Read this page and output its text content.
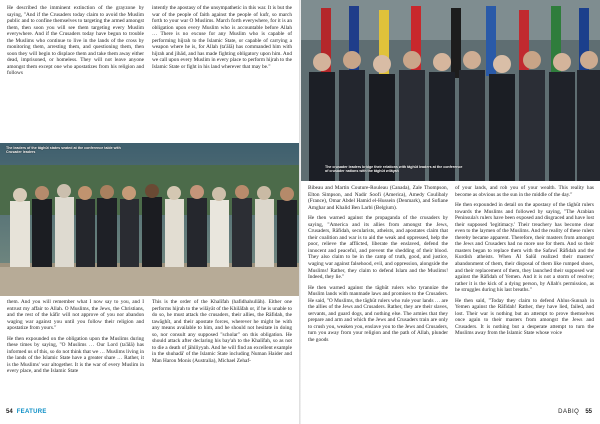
He described the imminent extinction of the grayzone by saying, "And if the Crusaders today claim to avoid the Muslim public and to confine themselves to targeting the armed amongst them, then soon you will see them targeting every Muslim everywhere. And if the Crusaders today have begun to trouble the Muslims who continue to live in the lands of the cross by monitoring them, arresting them, and questioning them, then soon they will begin to displace them and take them away either dead, imprisoned, or homeless. They will not leave anyone amongst them except one who apostatizes from his religion and follows

intently the apostasy of the unsympathetic in this war. It is but the war of the people of faith against the people of kufr, so march forth to your war O Muslims. March forth everywhere, for it is an obligation upon every Muslim who is accountable before Allah … There is no excuse for any Muslim who is capable of performing hijrah to the Islamic State, or capable of carrying a weapon where he is, for Allah (ta'ālā) has commanded him with hijrah and jihād, and has made fighting obligatory upon him. And we call upon every Muslim in every place to perform hijrah to the Islamic State or fight in his land wherever that may be."

The leaders of the tāghūt states seated at the conference table with Crusader leaders

them. And you will remember what I now say to you, and I entrust my affair to Allah. O Muslims, the Jews, the Christians, and the rest of the kāfir will not approve of you nor abandon waging war against you until you follow their religion and apostatize from yours."

He then expounded on the obligation upon the Muslims during these times by saying, "O Muslims … Our Lord (ta'ālā) has informed us of this, so do not think that we … Muslims living in the lands of the Islamic State have a greater share … Rather, it is the Muslims' war altogether. It is the war of every Muslim in every place, and the Islamic State

This is the order of the Khalīfah (hafidhahullāh). Either one performs hijrah to the wilāyāt of the Khilāfah or, if he is unable to do so, he must attack the crusaders, their allies, the Rāfidah, the tawāghīt, and their apostate forces, wherever he might be with any means available to him, and he should not hesitate in doing so, nor consult any supposed "scholar" on this obligation. He should attack after declaring his bay'ah to the Khalīfah, so as not to die a death of jāhiliyyah. And he will find an excellent example in the shuhadā' of the Islamic State including Numan Haider and Man Haron Monis (Australia), Michael Zehaf-

The crusader leaders bridge their relations with tāghūt leaders at the conference of crusader nations with the tāghūt wilāyah

Bibeau and Martin Couture-Rouleau (Canada), Zale Thompson, Elton Simpson, and Nadir Soofi (America), Amedy Coulibaly (France), Omar Abdel Hamid el-Hussein (Denmark), and Sofiane Amghar and Khalid Ben Larbi (Belgium).

He then warned against the propaganda of the crusaders by saying, "America and its allies from amongst the Jews, Crusaders, Rāfidah, secularists, atheists, and apostates claim that their coalition and war is to aid the weak and oppressed, help the poor, relieve the afflicted, liberate the enslaved, defend the innocent and peaceful, and prevent the shedding of their blood. They also claim to be in the camp of truth, good, and justice, waging war against falsehood, evil, and oppression, alongside the Muslims! Rather, they claim to defend Islam and the Muslims! Indeed, they lie."

He then warned against the tāghūt rulers who tyrannize the Muslim lands with manmade laws and promises to the Crusaders. He said, "O Muslims, the tāghūt rulers who rule your lands … are the allies of the Jews and Crusaders. Rather, they are their slaves, servants, and guard dogs, and nothing else. The armies that they prepare and arm and which the Jews and Crusaders train are only to crush you, weaken you, enslave you to the Jews and Crusaders, turn you away from your religion and the path of Allah, plunder the goods

of your lands, and rob you of your wealth. This reality has become as obvious as the sun in the middle of the day."

He then expounded in detail on the apostasy of the tāghūt rulers towards the Muslims and followed by saying, "The Arabian Peninsula's rulers have been exposed and disgraced and have lost their supposed 'legitimacy.' Their treachery has become clear even to the laymen of the Muslims. And the reality of these rulers thereby became apparent. Therefore, their masters from amongst the Jews and Crusaders had no more use for them. And so their masters began to replace them with the Safawī Rāfidah and the Kurdish atheists. When Āl Salūl realized their masters' abandonment of them, their disposal of them like rumped shoes, and their replacement of them, they launched their supposed war against the Rāfidah of Yemen. And it is not a storm of resolve; rather it is the kick of a dying person, by Allah's permission, as he struggles during his last breaths."

He then said, "Today they claim to defend Ahlus-Sunnah in Yemen against the Rāfidah! Rather, they have lied, failed, and lost. Their war is nothing but an attempt to prove themselves once again to their masters from amongst the Jews and Crusaders. It is nothing but a desperate attempt to turn the Muslims away from the Islamic State whose voice

54 FEATURE	DABIQ 55
